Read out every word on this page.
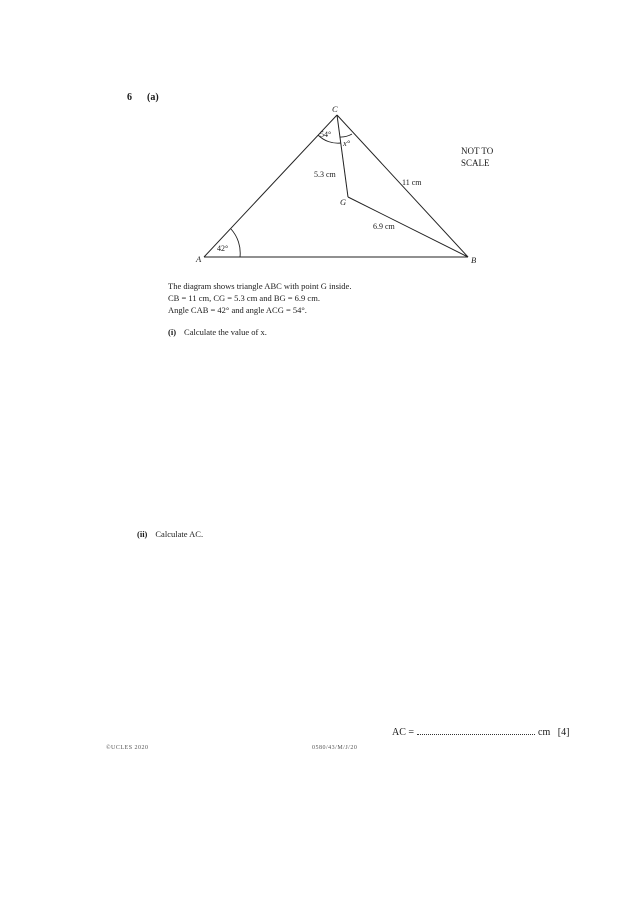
6 (a)
C
A	B
G
42°
54°
x°
5.3 cm
11 cm
6.9 cm
NOT TO
SCALE
The diagram shows triangle ABC with point G inside.
CB = 11 cm, CG = 5.3 cm and BG = 6.9 cm.
Angle CAB = 42° and angle ACG = 54°.
(i) Calculate the value of x.
(ii) Calculate AC.
AC =	cm [4]
©UCLES 2020	0580/43/M/J/20
